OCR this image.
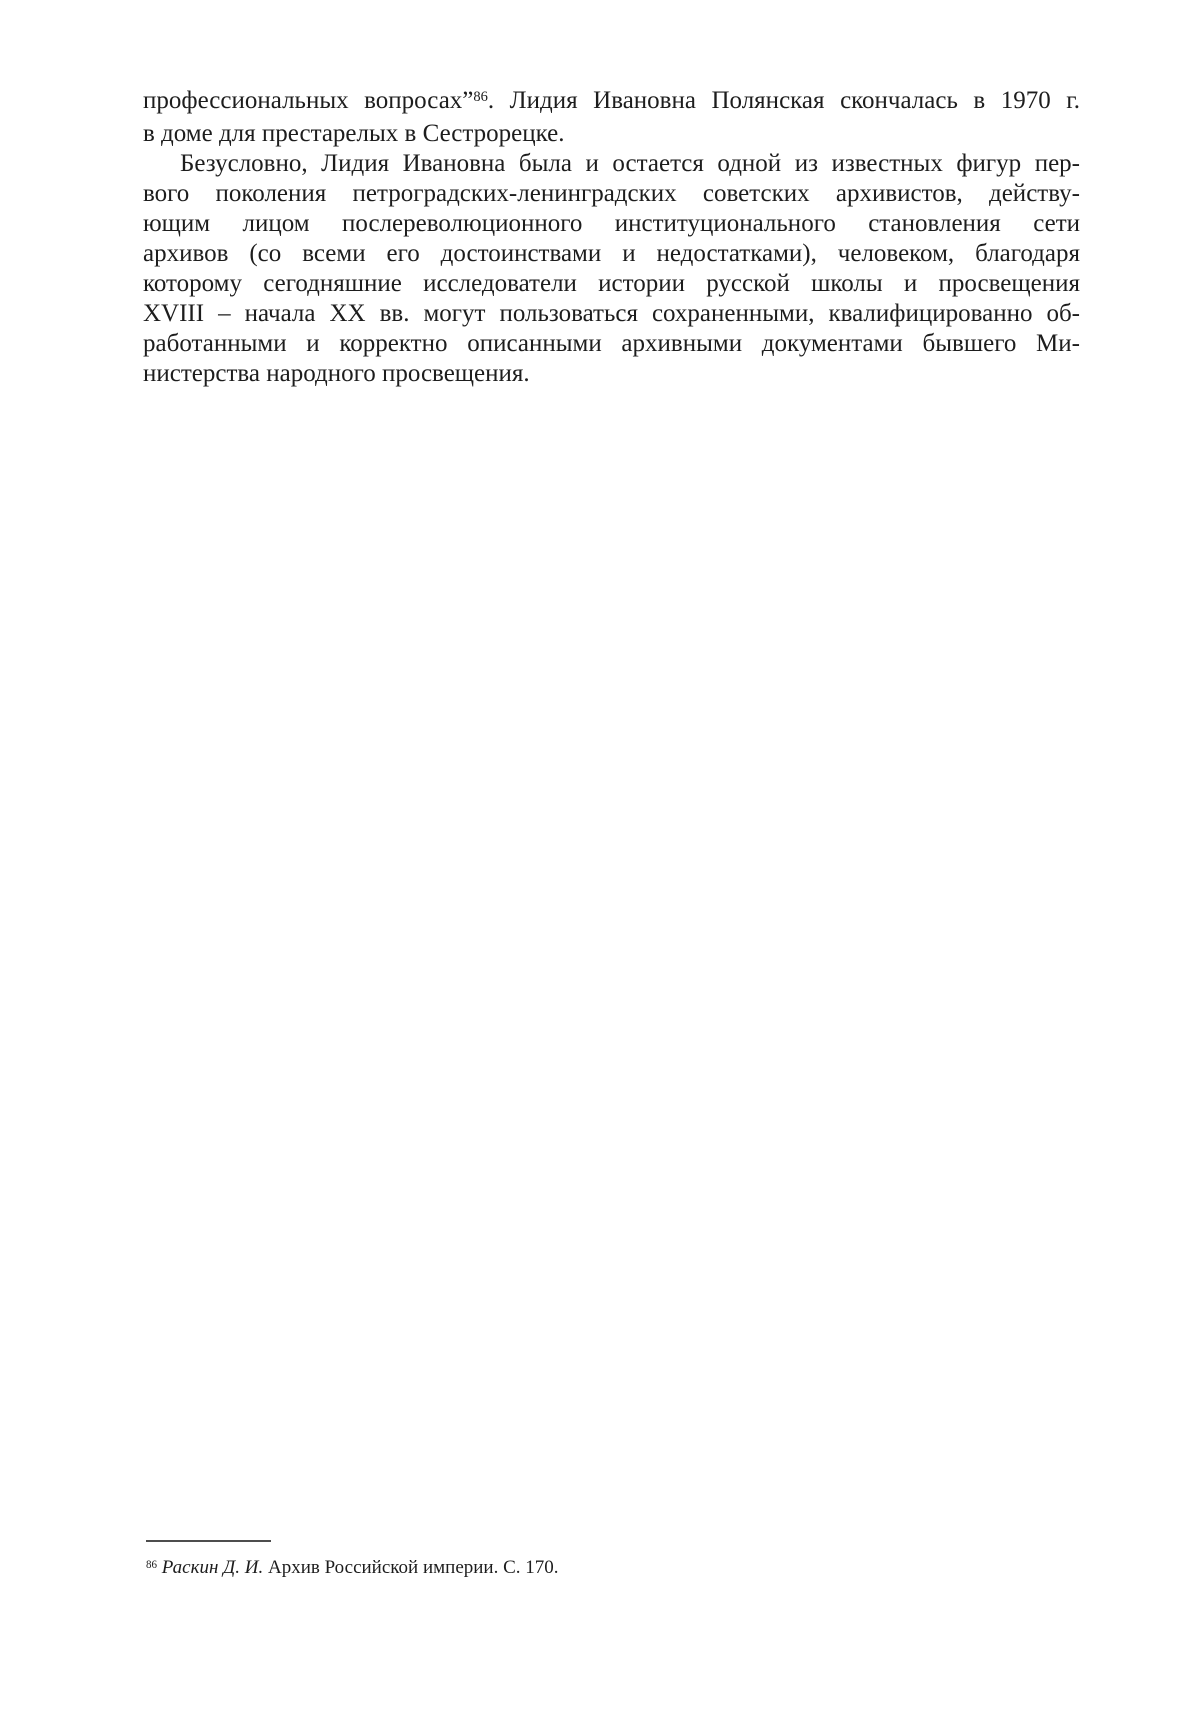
профессиональных вопросах”$^{86}$. Лидия Ивановна Полянская скончалась в 1970 г.
в доме для престарелых в Сестрорецке.
Безусловно, Лидия Ивановна была и остается одной из известных фигур пер-
вого поколения петроградских-ленинградских советских архивистов, действу-
ющим лицом послереволюционного институционального становления сети
архивов (со всеми его достоинствами и недостатками), человеком, благодаря
которому сегодняшние исследователи истории русской школы и просвещения
XVIII – начала XX вв. могут пользоваться сохраненными, квалифицированно об-
работанными и корректно описанными архивными документами бывшего Ми-
нистерства народного просвещения.
$^{86}$ Раскин Д. И. Архив Российской империи. С. 170.
